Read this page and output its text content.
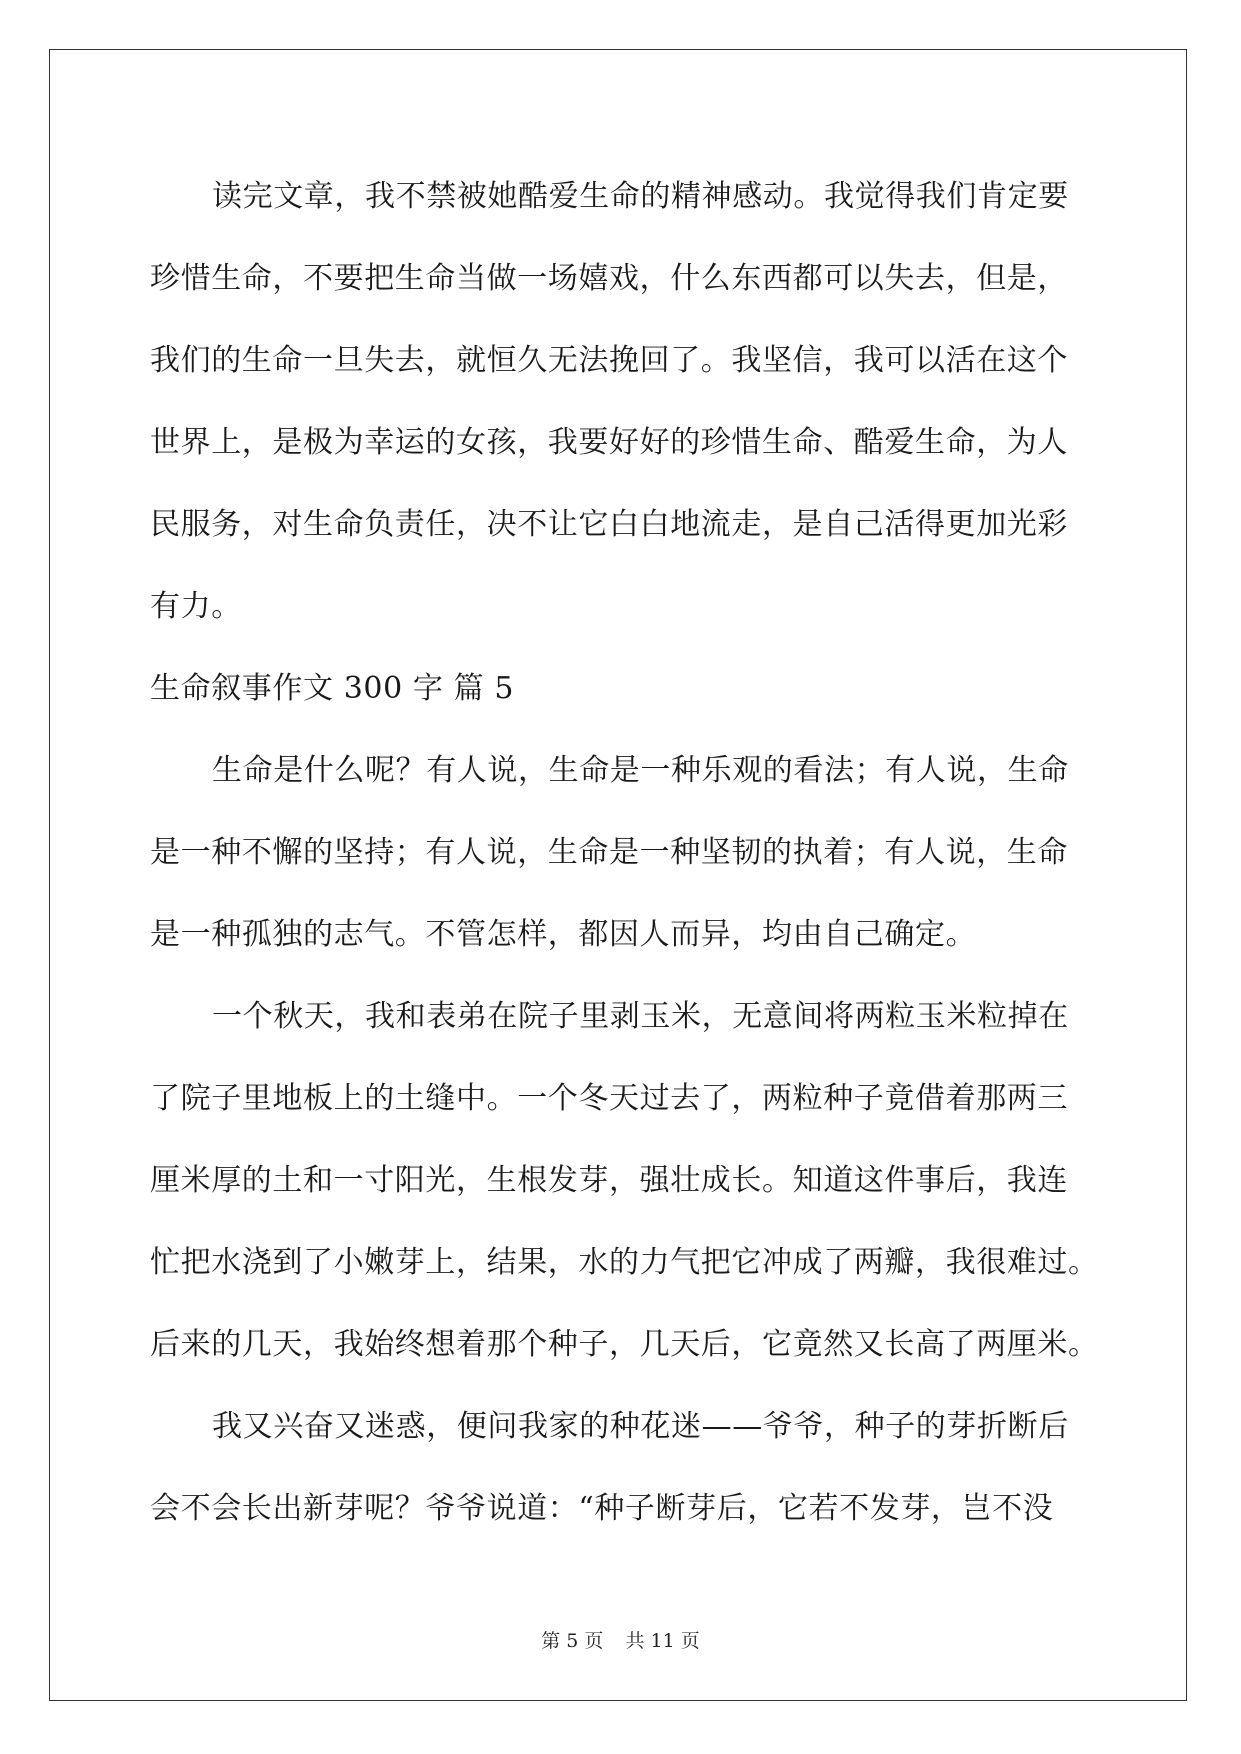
读完文章，我不禁被她酷爱生命的精神感动。我觉得我们肯定要
珍惜生命，不要把生命当做一场嬉戏，什么东西都可以失去，但是，
我们的生命一旦失去，就恒久无法挽回了。我坚信，我可以活在这个
世界上，是极为幸运的女孩，我要好好的珍惜生命、酷爱生命，为人
民服务，对生命负责任，决不让它白白地流走，是自己活得更加光彩
有力。
生命叙事作文 300 字 篇 5
生命是什么呢？有人说，生命是一种乐观的看法；有人说，生命
是一种不懈的坚持；有人说，生命是一种坚韧的执着；有人说，生命
是一种孤独的志气。不管怎样，都因人而异，均由自己确定。
一个秋天，我和表弟在院子里剥玉米，无意间将两粒玉米粒掉在
了院子里地板上的土缝中。一个冬天过去了，两粒种子竟借着那两三
厘米厚的土和一寸阳光，生根发芽，强壮成长。知道这件事后，我连
忙把水浇到了小嫩芽上，结果，水的力气把它冲成了两瓣，我很难过。
后来的几天，我始终想着那个种子，几天后，它竟然又长高了两厘米。
我又兴奋又迷惑，便问我家的种花迷——爷爷，种子的芽折断后
会不会长出新芽呢？爷爷说道：“种子断芽后，它若不发芽，岂不没
第 5 页 共 11 页
